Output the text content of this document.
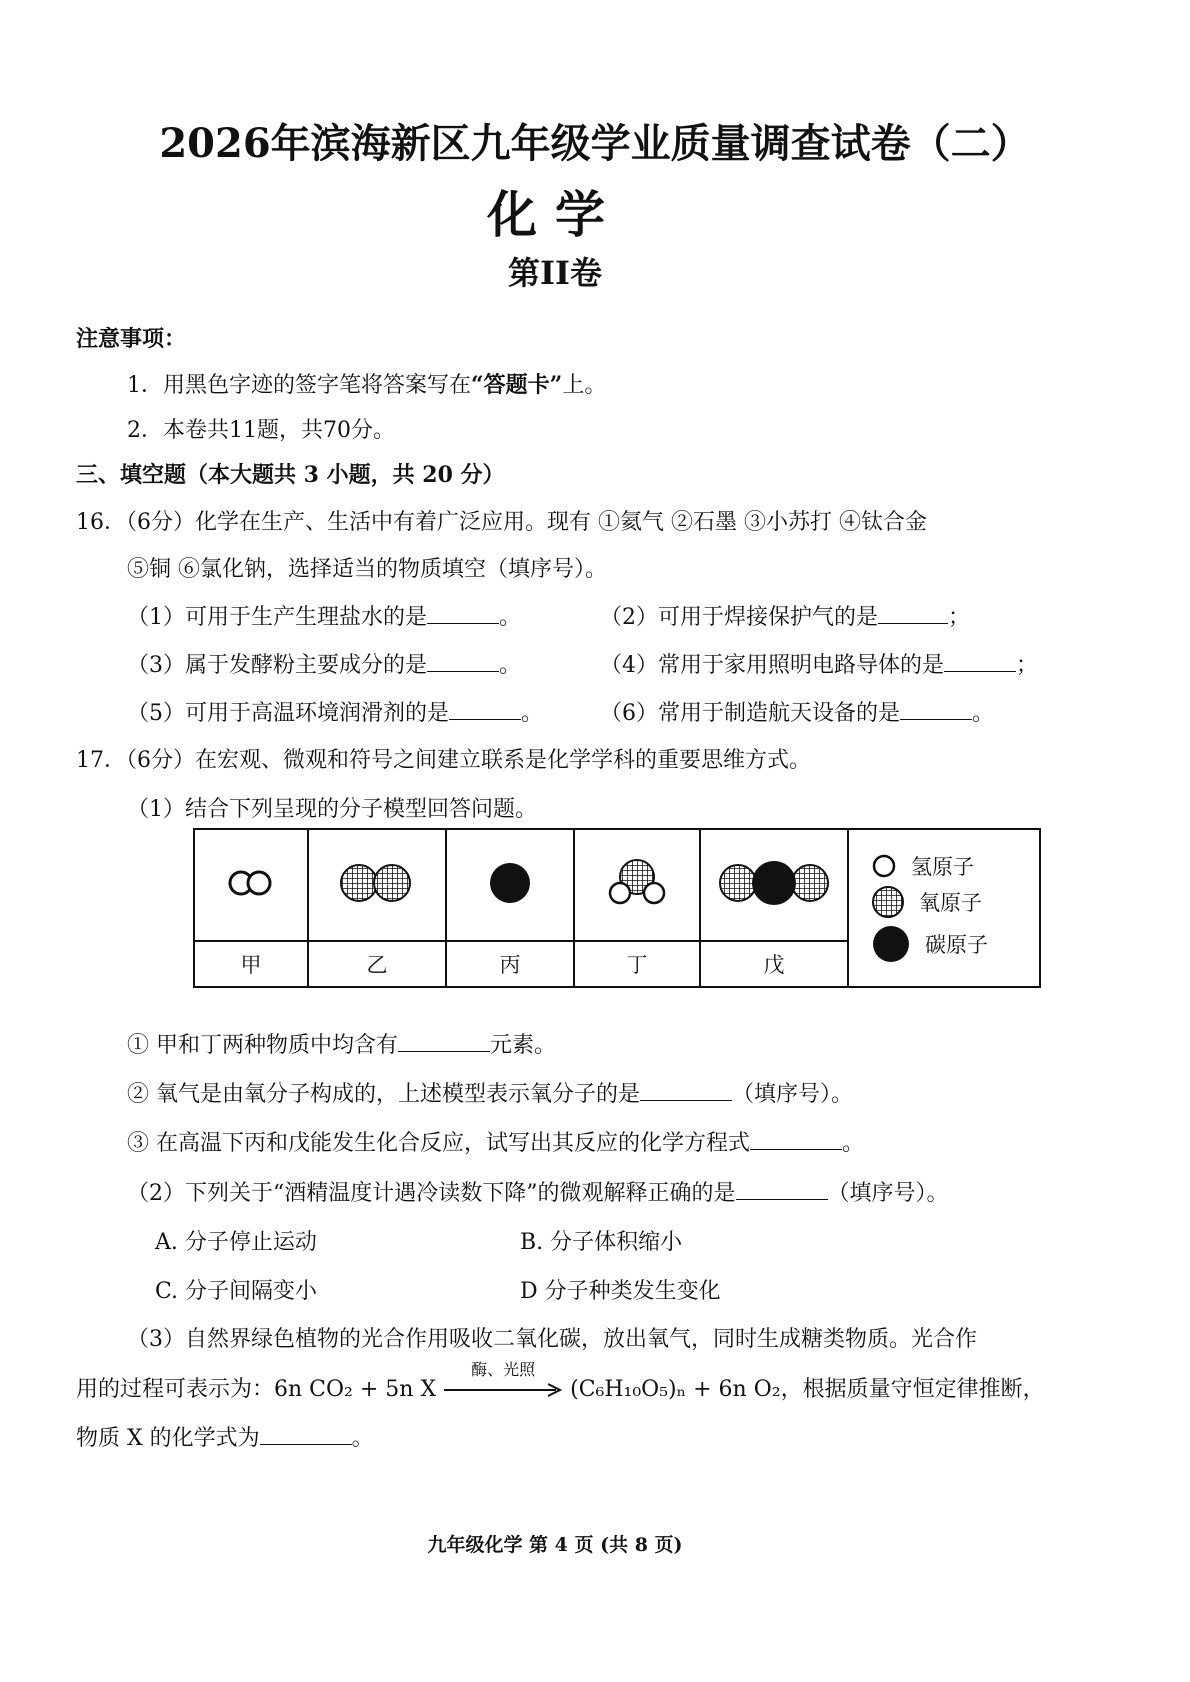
2026年滨海新区九年级学业质量调查试卷（二）
化学
第II卷
注意事项：
1．用黑色字迹的签字笔将答案写在“答题卡”上。
2．本卷共11题，共70分。
三、填空题（本大题共 3 小题，共 20 分）
16．（6分）化学在生产、生活中有着广泛应用。现有 ①氦气 ②石墨 ③小苏打 ④钛合金
⑤铜 ⑥氯化钠，选择适当的物质填空（填序号）。
（1）可用于生产生理盐水的是	。	（2）可用于焊接保护气的是	；
（3）属于发酵粉主要成分的是	。	（4）常用于家用照明电路导体的是	；
（5）可用于高温环境润滑剂的是	。	（6）常用于制造航天设备的是	。
17．（6分）在宏观、微观和符号之间建立联系是化学学科的重要思维方式。
（1）结合下列呈现的分子模型回答问题。

氢原子
氧原子
碳原子

甲	乙	丙	丁	戊	
① 甲和丁两种物质中均含有	元素。
② 氧气是由氧分子构成的，上述模型表示氧分子的是	（填序号）。
③ 在高温下丙和戊能发生化合反应，试写出其反应的化学方程式	。
（2）下列关于“酒精温度计遇冷读数下降”的微观解释正确的是	（填序号）。
A. 分子停止运动	B. 分子体积缩小
C. 分子间隔变小	D 分子种类发生变化
（3）自然界绿色植物的光合作用吸收二氧化碳，放出氧气，同时生成糖类物质。光合作
用的过程可表示为：6n CO₂ + 5n X
酶、光照
(C₆H₁₀O₅)ₙ + 6n O₂，根据质量守恒定律推断，
物质 X 的化学式为	。
九年级化学 第 4 页 (共 8 页)
